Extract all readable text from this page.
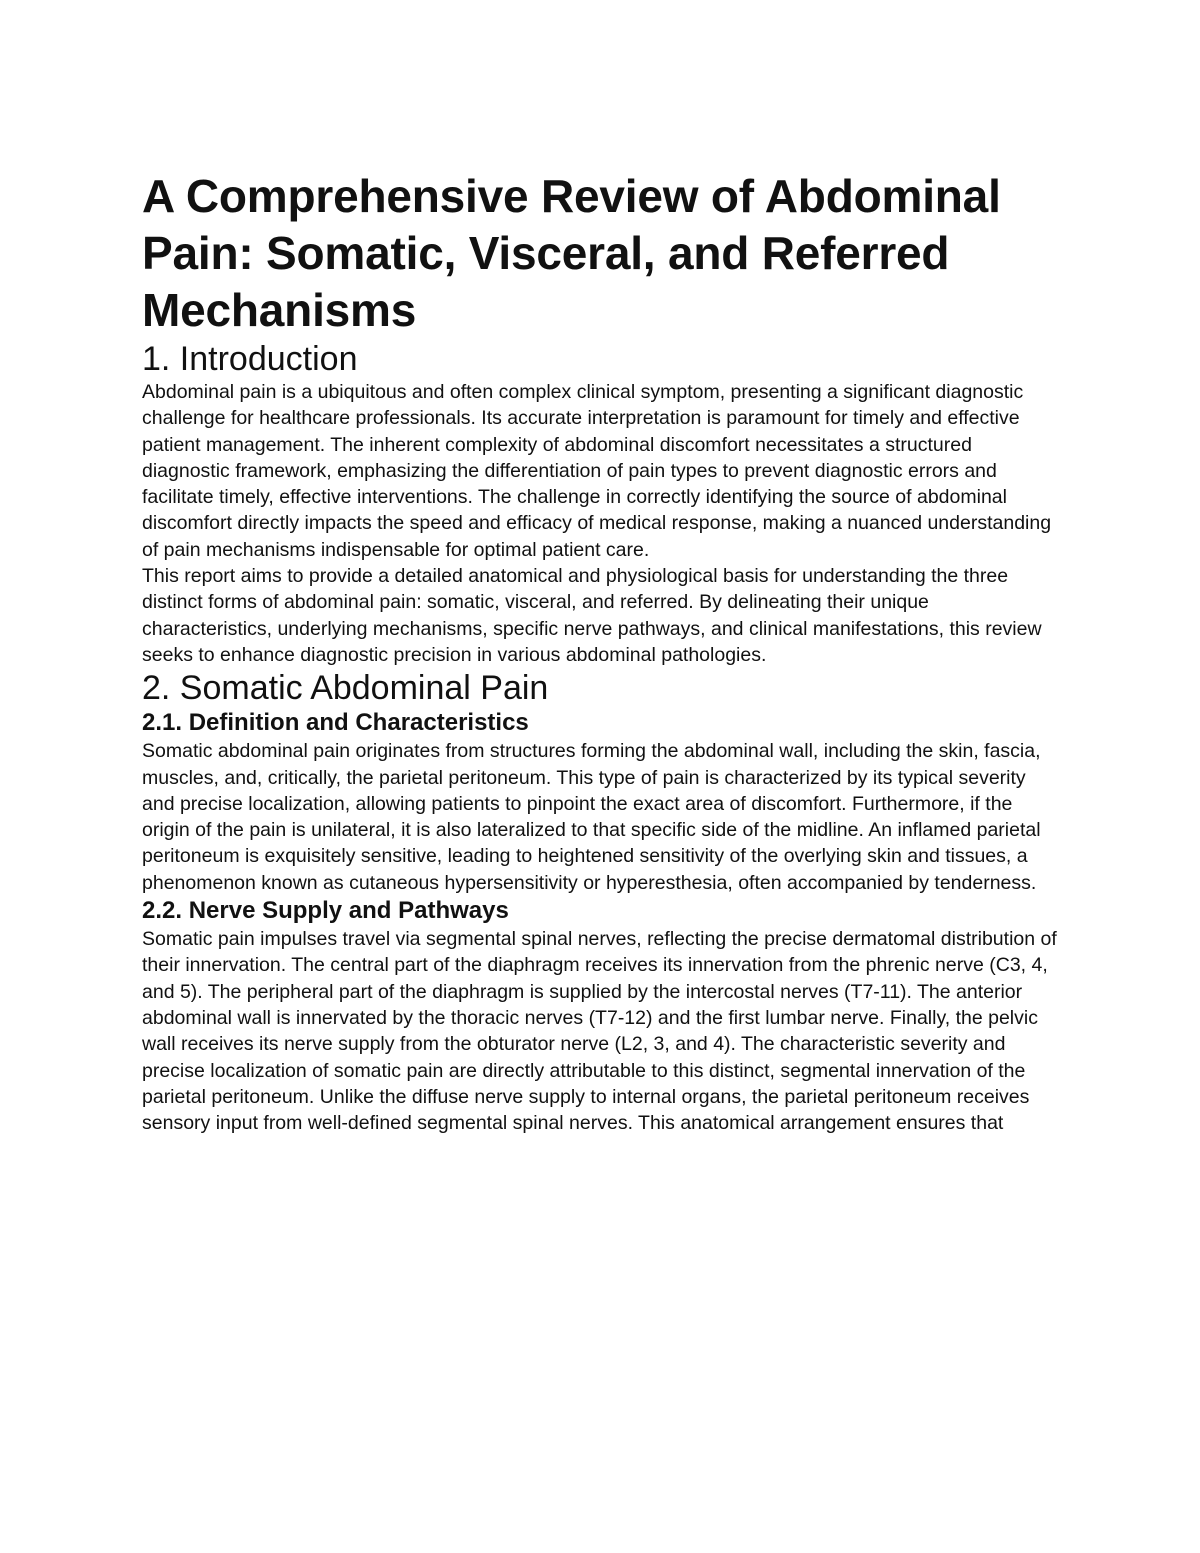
A Comprehensive Review of Abdominal Pain: Somatic, Visceral, and Referred Mechanisms
1. Introduction

Abdominal pain is a ubiquitous and often complex clinical symptom, presenting a significant diagnostic challenge for healthcare professionals. Its accurate interpretation is paramount for timely and effective patient management. The inherent complexity of abdominal discomfort necessitates a structured diagnostic framework, emphasizing the differentiation of pain types to prevent diagnostic errors and facilitate timely, effective interventions. The challenge in correctly identifying the source of abdominal discomfort directly impacts the speed and efficacy of medical response, making a nuanced understanding of pain mechanisms indispensable for optimal patient care.

This report aims to provide a detailed anatomical and physiological basis for understanding the three distinct forms of abdominal pain: somatic, visceral, and referred. By delineating their unique characteristics, underlying mechanisms, specific nerve pathways, and clinical manifestations, this review seeks to enhance diagnostic precision in various abdominal pathologies.

2. Somatic Abdominal Pain
2.1. Definition and Characteristics

Somatic abdominal pain originates from structures forming the abdominal wall, including the skin, fascia, muscles, and, critically, the parietal peritoneum. This type of pain is characterized by its typical severity and precise localization, allowing patients to pinpoint the exact area of discomfort. Furthermore, if the origin of the pain is unilateral, it is also lateralized to that specific side of the midline. An inflamed parietal peritoneum is exquisitely sensitive, leading to heightened sensitivity of the overlying skin and tissues, a phenomenon known as cutaneous hypersensitivity or hyperesthesia, often accompanied by tenderness.

2.2. Nerve Supply and Pathways

Somatic pain impulses travel via segmental spinal nerves, reflecting the precise dermatomal distribution of their innervation. The central part of the diaphragm receives its innervation from the phrenic nerve (C3, 4, and 5). The peripheral part of the diaphragm is supplied by the intercostal nerves (T7-11). The anterior abdominal wall is innervated by the thoracic nerves (T7-12) and the first lumbar nerve. Finally, the pelvic wall receives its nerve supply from the obturator nerve (L2, 3, and 4). The characteristic severity and precise localization of somatic pain are directly attributable to this distinct, segmental innervation of the parietal peritoneum. Unlike the diffuse nerve supply to internal organs, the parietal peritoneum receives sensory input from well-defined segmental spinal nerves. This anatomical arrangement ensures that
